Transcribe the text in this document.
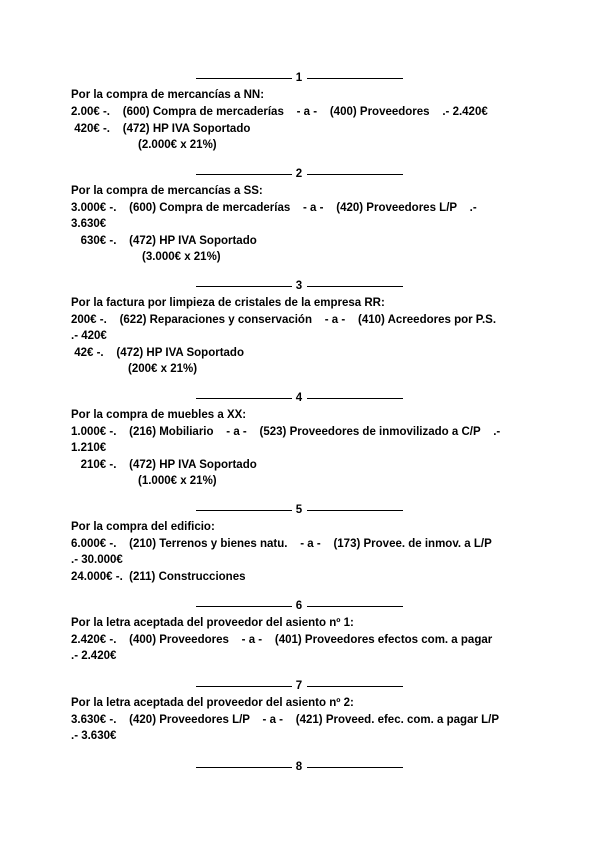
1
Por la compra de mercancías a NN:
2.00€ -.    (600) Compra de mercaderías    - a -    (400) Proveedores    .- 2.420€
420€ -.    (472) HP IVA Soportado
(2.000€ x 21%)
2
Por la compra de mercancías a SS:
3.000€ -.    (600) Compra de mercaderías    - a -    (420) Proveedores L/P    .-
3.630€
630€ -.    (472) HP IVA Soportado
(3.000€ x 21%)
3
Por la factura por limpieza de cristales de la empresa RR:
200€ -.    (622) Reparaciones y conservación    - a -    (410) Acreedores por P.S.
.- 420€
42€ -.    (472) HP IVA Soportado
(200€ x 21%)
4
Por la compra de muebles a XX:
1.000€ -.    (216) Mobiliario    - a -    (523) Proveedores de inmovilizado a C/P    .-
1.210€
210€ -.    (472) HP IVA Soportado
(1.000€ x 21%)
5
Por la compra del edificio:
6.000€ -.    (210) Terrenos y bienes natu.    - a -    (173) Provee. de inmov. a L/P
.- 30.000€
24.000€ -.  (211) Construcciones
6
Por la letra aceptada del proveedor del asiento nº 1:
2.420€ -.    (400) Proveedores    - a -    (401) Proveedores efectos com. a pagar
.- 2.420€
7
Por la letra aceptada del proveedor del asiento nº 2:
3.630€ -.    (420) Proveedores L/P    - a -    (421) Proveed. efec. com. a pagar L/P
.- 3.630€
8
